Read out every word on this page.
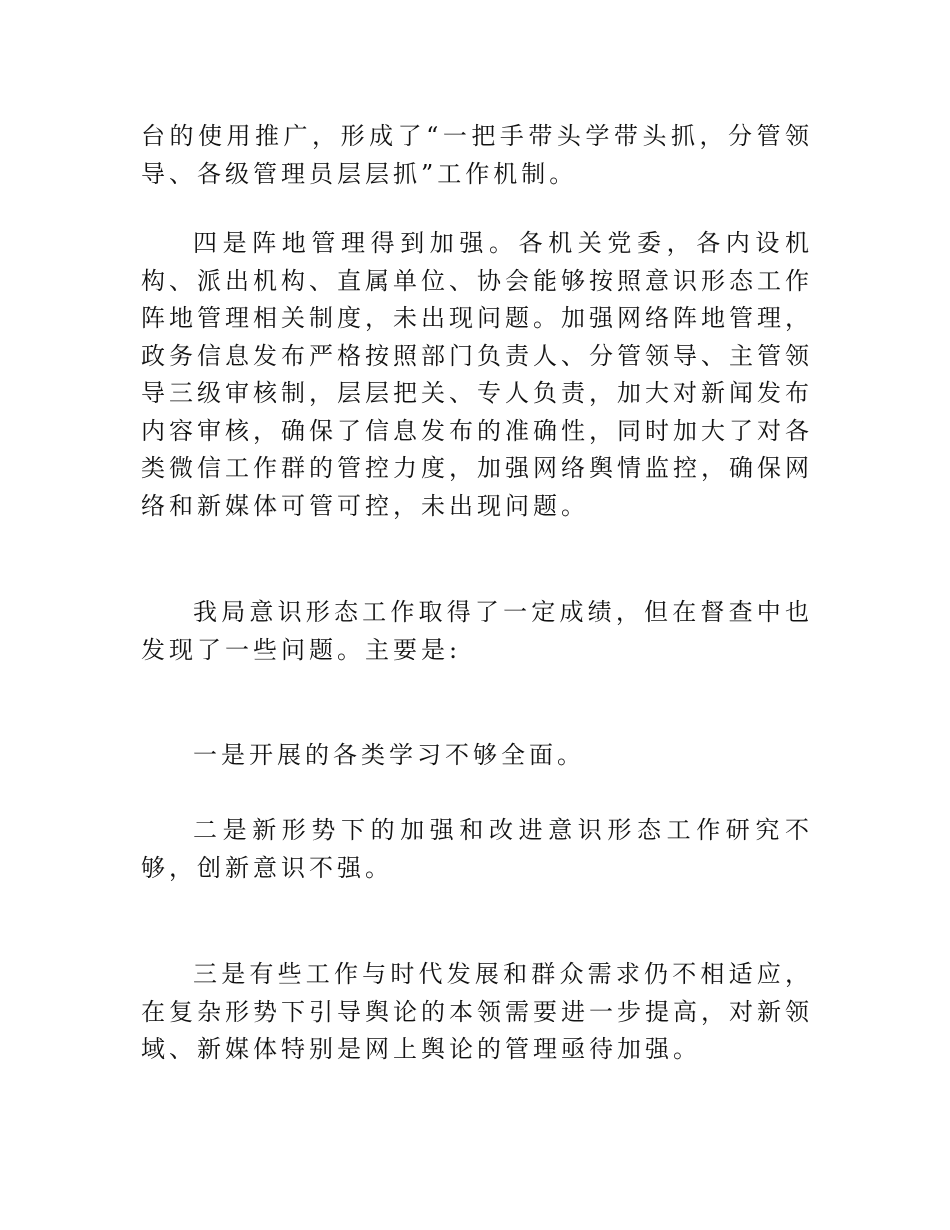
台的使用推广，形成了“一把手带头学带头抓，分管领导、各级管理员层层抓”工作机制。

四是阵地管理得到加强。各机关党委，各内设机构、派出机构、直属单位、协会能够按照意识形态工作阵地管理相关制度，未出现问题。加强网络阵地管理，政务信息发布严格按照部门负责人、分管领导、主管领导三级审核制，层层把关、专人负责，加大对新闻发布内容审核，确保了信息发布的准确性，同时加大了对各类微信工作群的管控力度，加强网络舆情监控，确保网络和新媒体可管可控，未出现问题。

我局意识形态工作取得了一定成绩，但在督查中也发现了一些问题。主要是:

一是开展的各类学习不够全面。

二是新形势下的加强和改进意识形态工作研究不够，创新意识不强。

三是有些工作与时代发展和群众需求仍不相适应，在复杂形势下引导舆论的本领需要进一步提高，对新领域、新媒体特别是网上舆论的管理亟待加强。
